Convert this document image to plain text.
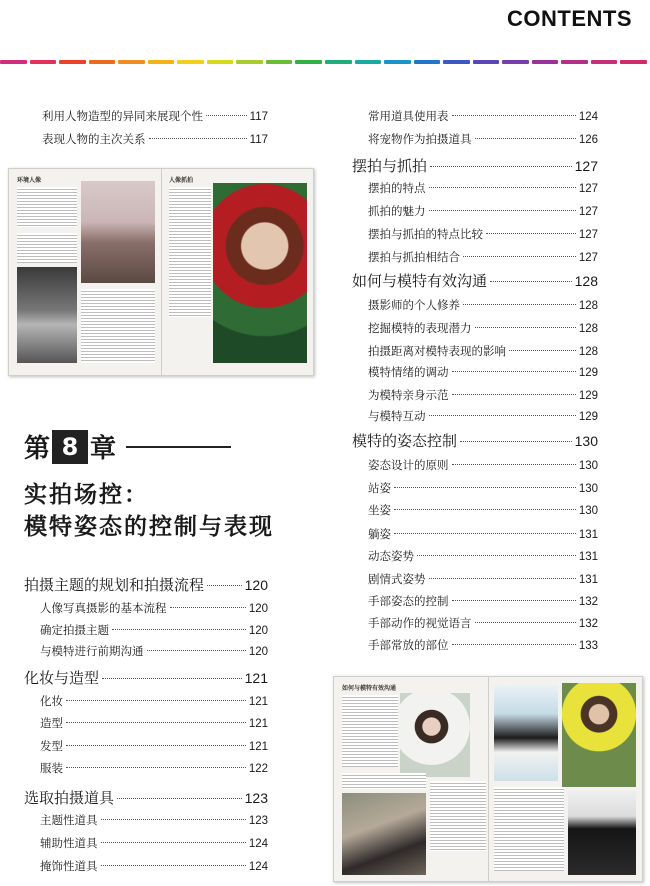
CONTENTS
利用人物造型的异同来展现个性	117
表现人物的主次关系	117
环境人像	人像抓拍
第 8 章
实拍场控：
模特姿态的控制与表现
拍摄主题的规划和拍摄流程	120
人像写真摄影的基本流程	120
确定拍摄主题	120
与模特进行前期沟通	120
化妆与造型	121
化妆	121
造型	121
发型	121
服装	122
选取拍摄道具	123
主题性道具	123
辅助性道具	124
掩饰性道具	124
常用道具使用表	124
将宠物作为拍摄道具	126
摆拍与抓拍	127
摆拍的特点	127
抓拍的魅力	127
摆拍与抓拍的特点比较	127
摆拍与抓拍相结合	127
如何与模特有效沟通	128
摄影师的个人修养	128
挖掘模特的表现潜力	128
拍摄距离对模特表现的影响	128
模特情绪的调动	129
为模特亲身示范	129
与模特互动	129
模特的姿态控制	130
姿态设计的原则	130
站姿	130
坐姿	130
躺姿	131
动态姿势	131
剧情式姿势	131
手部姿态的控制	132
手部动作的视觉语言	132
手部常放的部位	133
如何与模特有效沟通
